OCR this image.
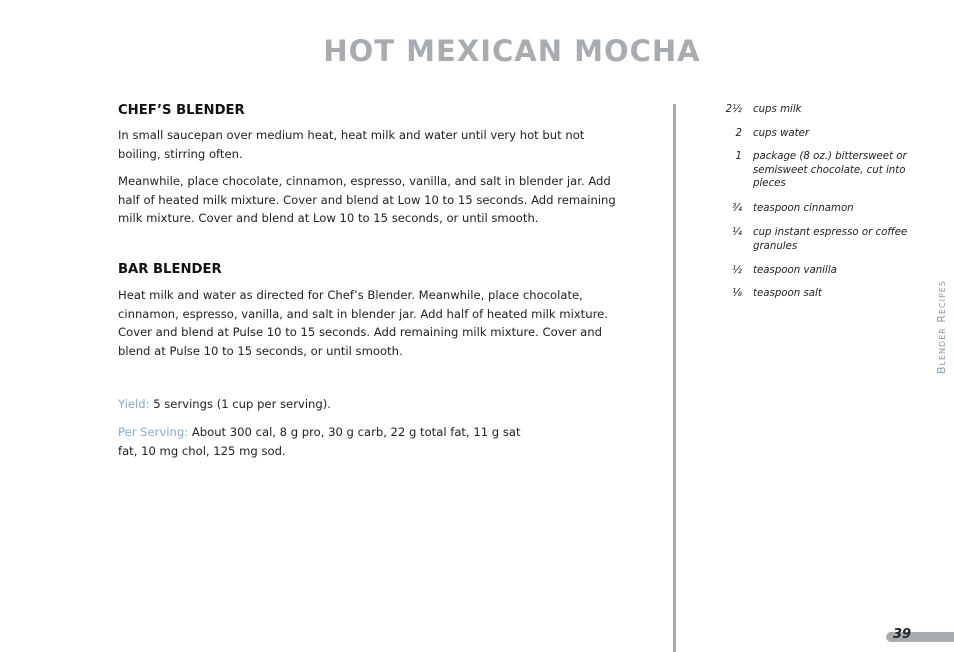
HOT MEXICAN MOCHA
CHEF’S BLENDER

In small saucepan over medium heat, heat milk and water until very hot but not boiling, stirring often.

Meanwhile, place chocolate, cinnamon, espresso, vanilla, and salt in blender jar. Add half of heated milk mixture. Cover and blend at Low 10 to 15 seconds. Add remaining milk mixture. Cover and blend at Low 10 to 15 seconds, or until smooth.

BAR BLENDER

Heat milk and water as directed for Chef’s Blender. Meanwhile, place chocolate, cinnamon, espresso, vanilla, and salt in blender jar. Add half of heated milk mixture. Cover and blend at Pulse 10 to 15 seconds. Add remaining milk mixture. Cover and blend at Pulse 10 to 15 seconds, or until smooth.

Yield: 5 servings (1 cup per serving).

Per Serving: About 300 cal, 8 g pro, 30 g carb, 22 g total fat, 11 g sat fat, 10 mg chol, 125 mg sod.

2½ cups milk
2 cups water
1 package (8 oz.) bittersweet or semisweet chocolate, cut into pieces
¾ teaspoon cinnamon
¼ cup instant espresso or coffee granules
½ teaspoon vanilla
⅛ teaspoon salt	Blender Recipes
39
